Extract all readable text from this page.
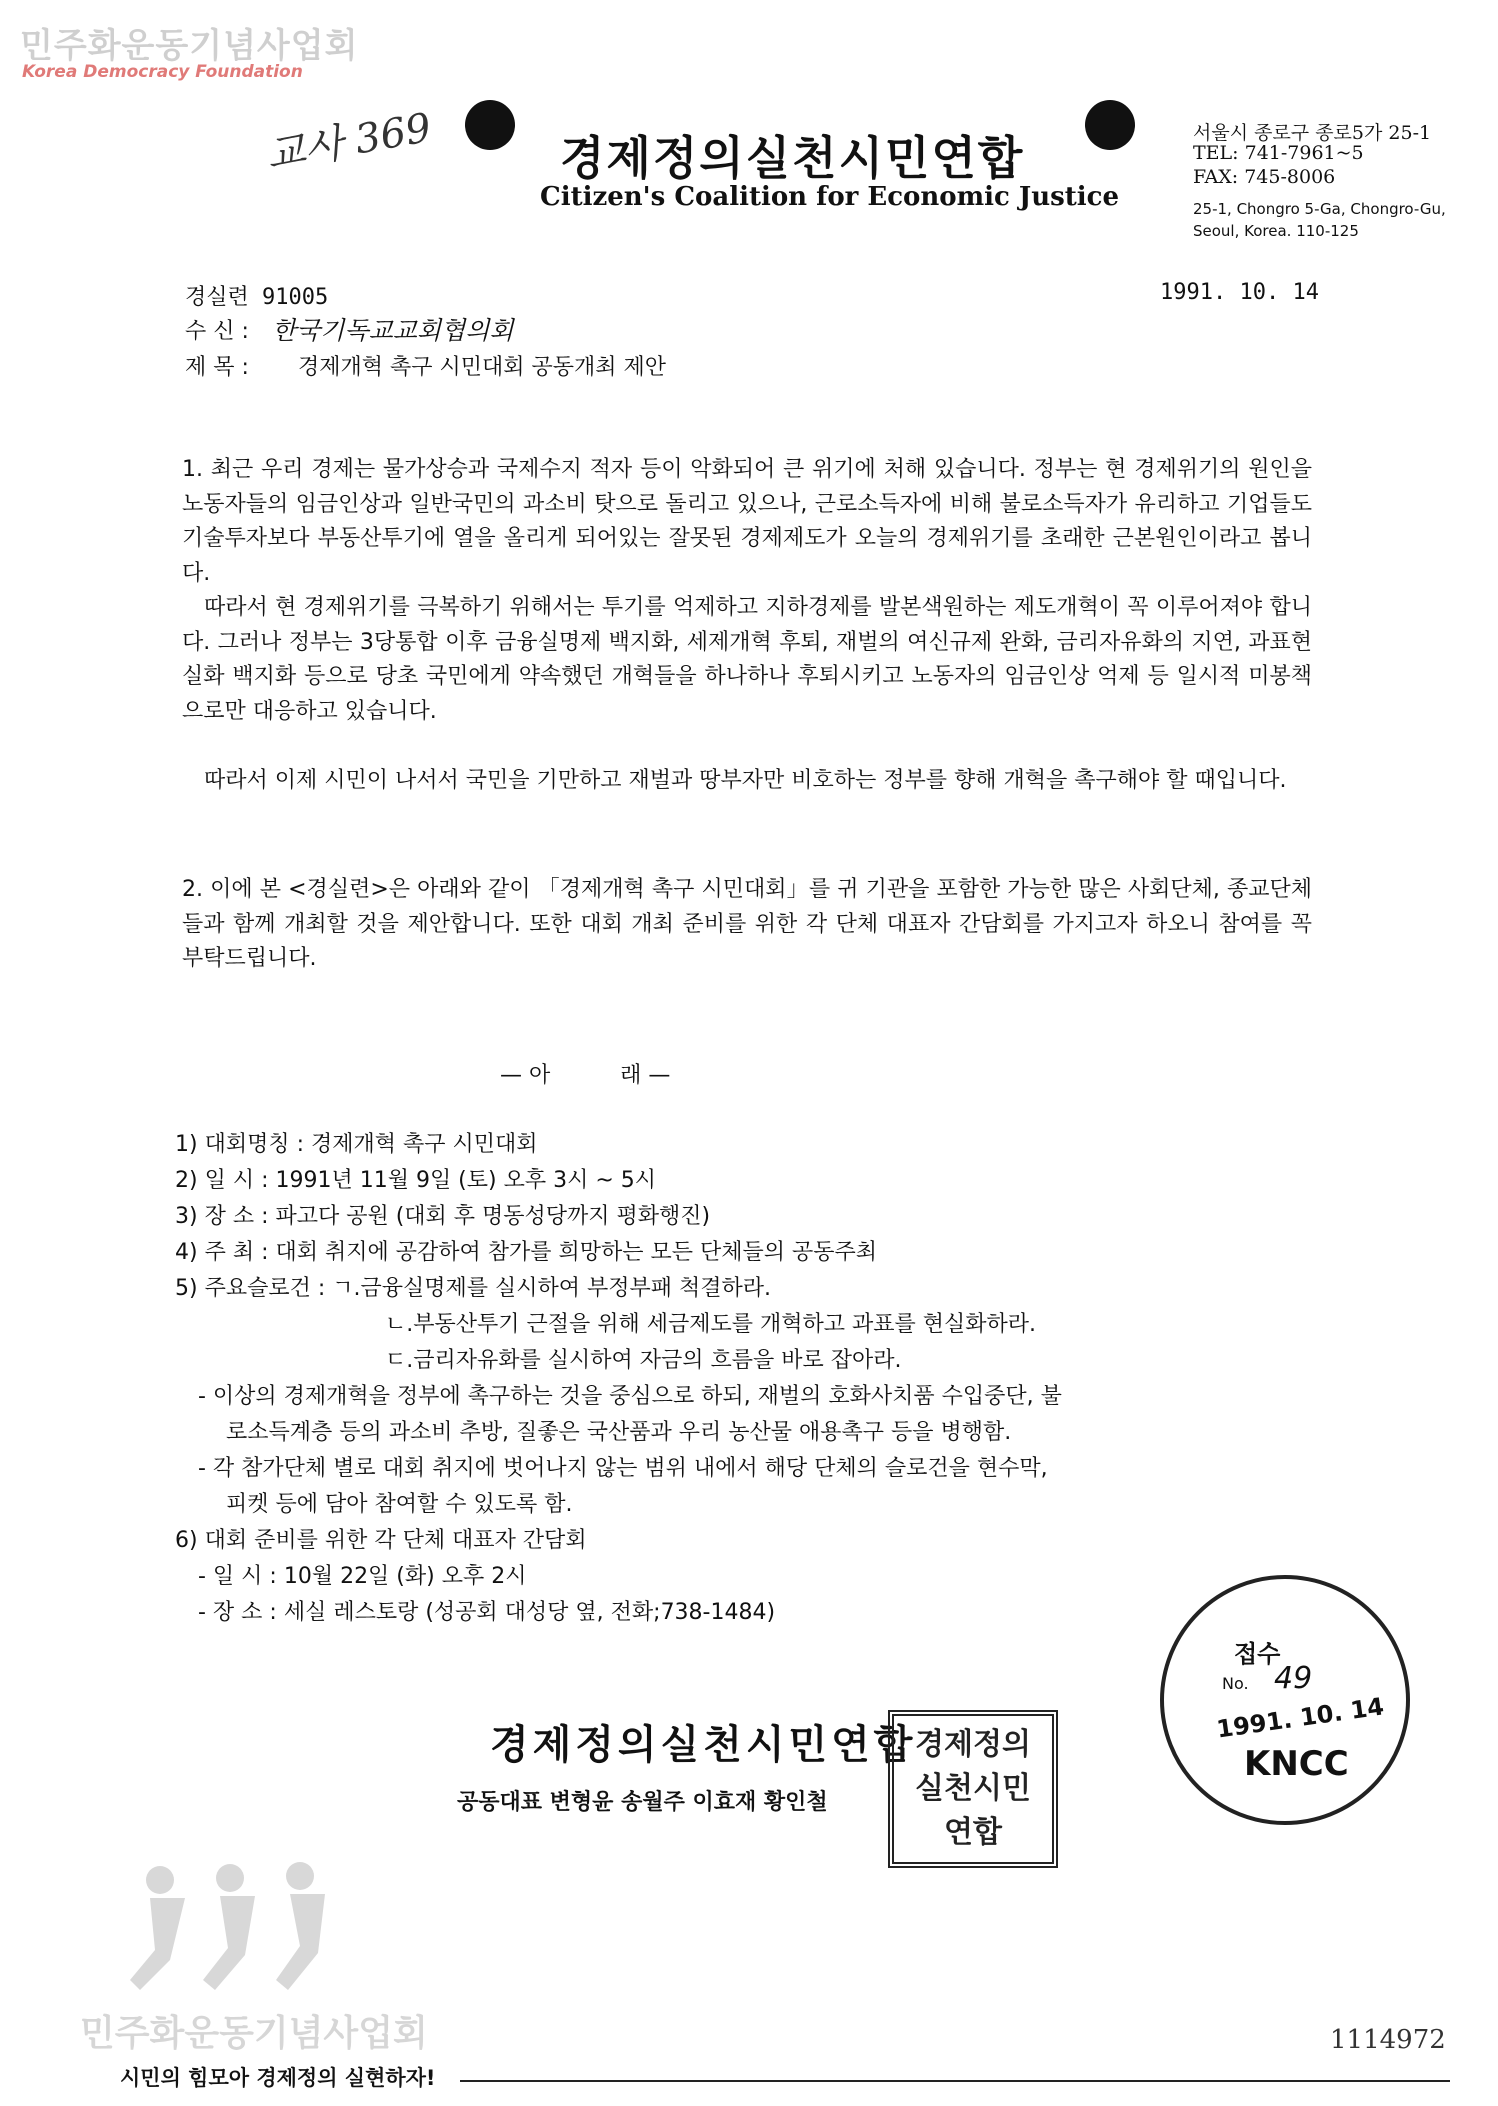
민주화운동기념사업회
Korea Democracy Foundation
교사 369	경제정의실천시민연합
Citizen's Coalition for Economic Justice
서울시 종로구 종로5가 25-1
TEL: 741-7961~5
FAX: 745-8006
25-1, Chongro 5-Ga, Chongro-Gu,
Seoul, Korea. 110-125
경실련 91005	1991. 10. 14
수 신 : 한국기독교교회협의회
제 목 : 경제개혁 촉구 시민대회 공동개최 제안
1. 최근 우리 경제는 물가상승과 국제수지 적자 등이 악화되어 큰 위기에 처해 있습니다. 정부는 현 경제위기의 원인을 노동자들의 임금인상과 일반국민의 과소비 탓으로 돌리고 있으나, 근로소득자에 비해 불로소득자가 유리하고 기업들도 기술투자보다 부동산투기에 열을 올리게 되어있는 잘못된 경제제도가 오늘의 경제위기를 초래한 근본원인이라고 봅니다.
따라서 현 경제위기를 극복하기 위해서는 투기를 억제하고 지하경제를 발본색원하는 제도개혁이 꼭 이루어져야 합니다. 그러나 정부는 3당통합 이후 금융실명제 백지화, 세제개혁 후퇴, 재벌의 여신규제 완화, 금리자유화의 지연, 과표현실화 백지화 등으로 당초 국민에게 약속했던 개혁들을 하나하나 후퇴시키고 노동자의 임금인상 억제 등 일시적 미봉책으로만 대응하고 있습니다.
따라서 이제 시민이 나서서 국민을 기만하고 재벌과 땅부자만 비호하는 정부를 향해 개혁을 촉구해야 할 때입니다.
2. 이에 본 <경실련>은 아래와 같이 「경제개혁 촉구 시민대회」를 귀 기관을 포함한 가능한 많은 사회단체, 종교단체들과 함께 개최할 것을 제안합니다. 또한 대회 개최 준비를 위한 각 단체 대표자 간담회를 가지고자 하오니 참여를 꼭 부탁드립니다.
— 아          래 —
1) 대회명칭 : 경제개혁 촉구 시민대회
2) 일 시 : 1991년 11월 9일 (토) 오후 3시 ~ 5시
3) 장 소 : 파고다 공원 (대회 후 명동성당까지 평화행진)
4) 주 최 : 대회 취지에 공감하여 참가를 희망하는 모든 단체들의 공동주최
5) 주요슬로건 : ㄱ.금융실명제를 실시하여 부정부패 척결하라.
ㄴ.부동산투기 근절을 위해 세금제도를 개혁하고 과표를 현실화하라.
ㄷ.금리자유화를 실시하여 자금의 흐름을 바로 잡아라.
- 이상의 경제개혁을 정부에 촉구하는 것을 중심으로 하되, 재벌의 호화사치품 수입중단, 불
로소득계층 등의 과소비 추방, 질좋은 국산품과 우리 농산물 애용촉구 등을 병행함.
- 각 참가단체 별로 대회 취지에 벗어나지 않는 범위 내에서 해당 단체의 슬로건을 현수막,
피켓 등에 담아 참여할 수 있도록 함.
6) 대회 준비를 위한 각 단체 대표자 간담회
- 일 시 : 10월 22일 (화) 오후 2시
- 장 소 : 세실 레스토랑 (성공회 대성당 옆, 전화;738-1484)
경제정의실천시민연합
공동대표 변형윤 송월주 이효재 황인철
경제정의실천시민연합
접수
No. 49
1991. 10. 14
KNCC
민주화운동기념사업회
시민의 힘모아 경제정의 실현하자!
1114972
